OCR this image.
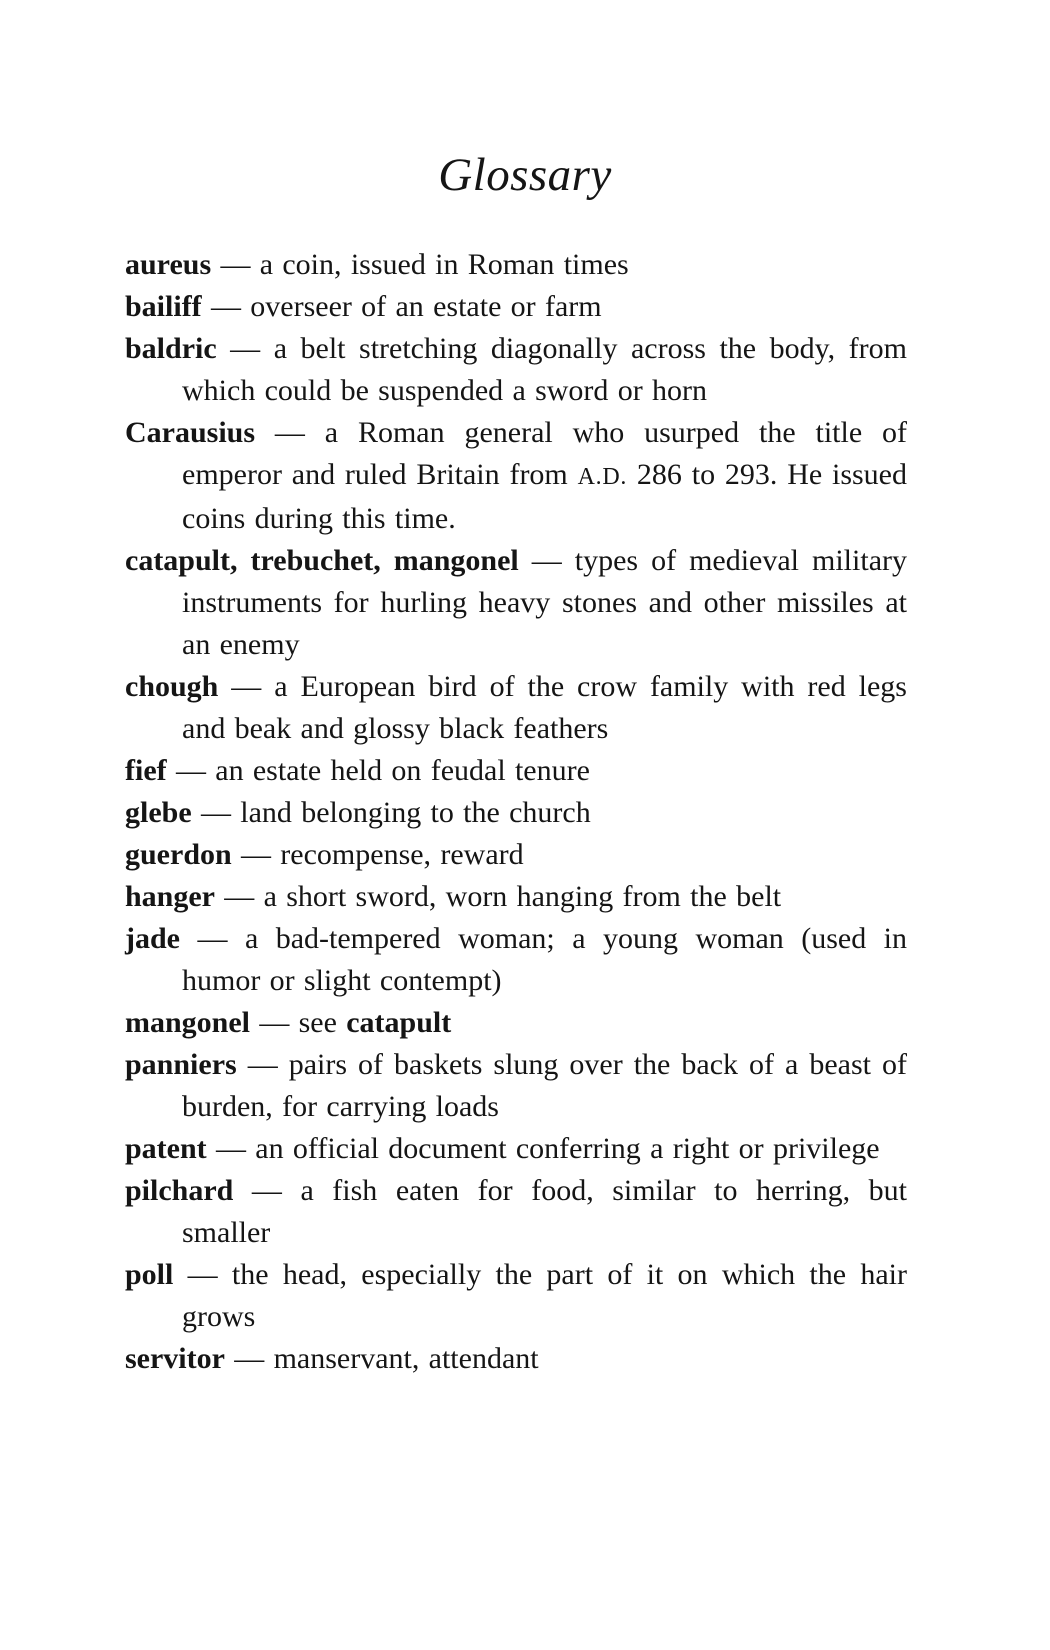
Glossary

aureus — a coin, issued in Roman times

bailiff — overseer of an estate or farm

baldric — a belt stretching diagonally across the body, from which could be suspended a sword or horn

Carausius — a Roman general who usurped the title of emperor and ruled Britain from A.D. 286 to 293. He issued coins during this time.

catapult, trebuchet, mangonel — types of medieval military instruments for hurling heavy stones and other missiles at an enemy

chough — a European bird of the crow family with red legs and beak and glossy black feathers

fief — an estate held on feudal tenure

glebe — land belonging to the church

guerdon — recompense, reward

hanger — a short sword, worn hanging from the belt

jade — a bad-tempered woman; a young woman (used in humor or slight contempt)

mangonel — see catapult

panniers — pairs of baskets slung over the back of a beast of burden, for carrying loads

patent — an official document conferring a right or privilege

pilchard — a fish eaten for food, similar to herring, but smaller

poll — the head, especially the part of it on which the hair grows

servitor — manservant, attendant
